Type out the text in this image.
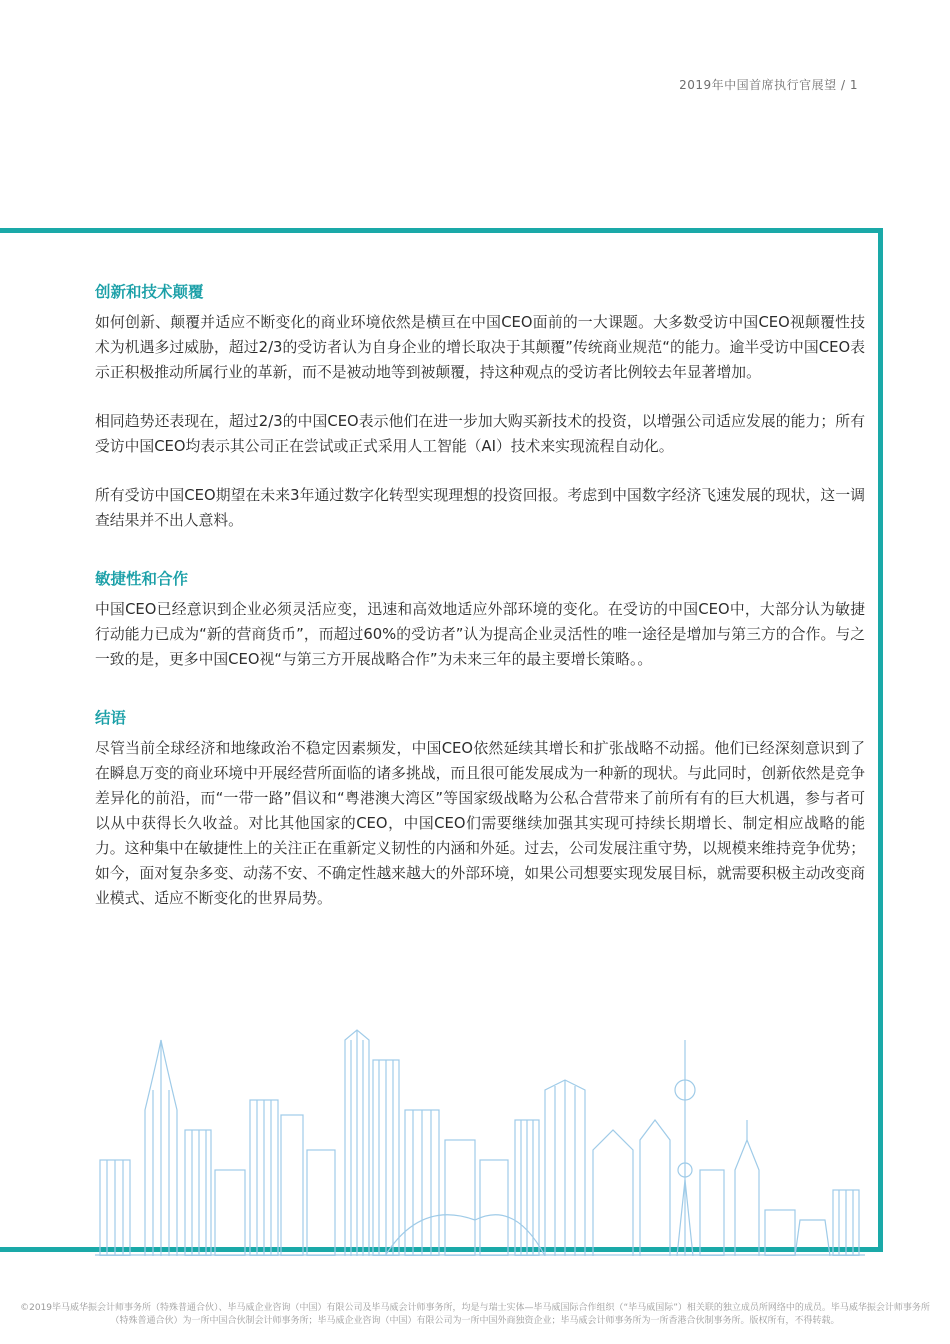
2019年中国首席执行官展望 / 1
创新和技术颠覆

如何创新、颠覆并适应不断变化的商业环境依然是横亘在中国CEO面前的一大课题。大多数受访中国CEO视颠覆性技术为机遇多过威胁，超过2/3的受访者认为自身企业的增长取决于其颠覆”传统商业规范“的能力。逾半受访中国CEO表示正积极推动所属行业的革新，而不是被动地等到被颠覆，持这种观点的受访者比例较去年显著增加。

相同趋势还表现在，超过2/3的中国CEO表示他们在进一步加大购买新技术的投资，以增强公司适应发展的能力；所有受访中国CEO均表示其公司正在尝试或正式采用人工智能（AI）技术来实现流程自动化。

所有受访中国CEO期望在未来3年通过数字化转型实现理想的投资回报。考虑到中国数字经济飞速发展的现状，这一调查结果并不出人意料。

敏捷性和合作

中国CEO已经意识到企业必须灵活应变，迅速和高效地适应外部环境的变化。在受访的中国CEO中，大部分认为敏捷行动能力已成为“新的营商货币”，而超过60%的受访者”认为提高企业灵活性的唯一途径是增加与第三方的合作。与之一致的是，更多中国CEO视“与第三方开展战略合作”为未来三年的最主要增长策略。。

结语

尽管当前全球经济和地缘政治不稳定因素频发，中国CEO依然延续其增长和扩张战略不动摇。他们已经深刻意识到了在瞬息万变的商业环境中开展经营所面临的诸多挑战，而且很可能发展成为一种新的现状。与此同时，创新依然是竞争差异化的前沿，而“一带一路”倡议和“粤港澳大湾区”等国家级战略为公私合营带来了前所有有的巨大机遇，参与者可以从中获得长久收益。对比其他国家的CEO，中国CEO们需要继续加强其实现可持续长期增长、制定相应战略的能力。这种集中在敏捷性上的关注正在重新定义韧性的内涵和外延。过去，公司发展注重守势，以规模来维持竞争优势；如今，面对复杂多变、动荡不安、不确定性越来越大的外部环境，如果公司想要实现发展目标，就需要积极主动改变商业模式、适应不断变化的世界局势。

©2019毕马威华振会计师事务所（特殊普通合伙）、毕马威企业咨询（中国）有限公司及毕马威会计师事务所，均是与瑞士实体—毕马威国际合作组织（“毕马威国际”）相关联的独立成员所网络中的成员。毕马威华振会计师事务所
（特殊普通合伙）为一所中国合伙制会计师事务所；毕马威企业咨询（中国）有限公司为一所中国外商独资企业；毕马威会计师事务所为一所香港合伙制事务所。版权所有，不得转载。
